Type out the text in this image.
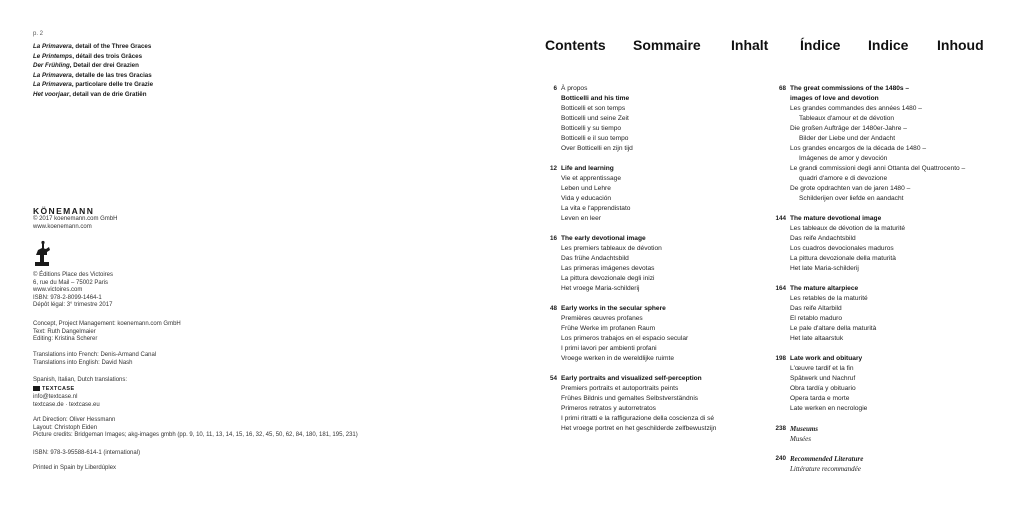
p. 2
La Primavera, detail of the Three Graces
Le Printemps, détail des trois Grâces
Der Frühling, Detail der drei Grazien
La Primavera, detalle de las tres Gracias
La Primavera, particolare delle tre Grazie
Het voorjaar, detail van de drie Gratiën
KÖNEMANN
© 2017 koenemann.com GmbH
www.koenemann.com
© Éditions Place des Victoires
6, rue du Mail – 75002 Paris
www.victoires.com
ISBN: 978-2-8099-1464-1
Dépôt légal: 3° trimestre 2017
Concept, Project Management: koenemann.com GmbH
Text: Ruth Dangelmaier
Editing: Kristina Scherer
Translations into French: Denis-Armand Canal
Translations into English: David Nash
Spanish, Italian, Dutch translations:
TEXTCASE
info@textcase.nl
textcase.de · textcase.eu
Art Direction: Oliver Hessmann
Layout: Christoph Eiden
Picture credits: Bridgeman Images; akg-images gmbh (pp. 9, 10, 11, 13, 14, 15, 16, 32, 45, 50, 62, 84, 180, 181, 195, 231)
ISBN: 978-3-95588-614-1 (international)
Printed in Spain by Liberdúplex
Contents Sommaire Inhalt Índice Indice Inhoud
6 À propos
Botticelli and his time
Botticelli et son temps
Botticelli und seine Zeit
Botticelli y su tiempo
Botticelli e il suo tempo
Over Botticelli en zijn tijd
12 Life and learning
Vie et apprentissage
Leben und Lehre
Vida y educación
La vita e l'apprendistato
Leven en leer
16 The early devotional image
Les premiers tableaux de dévotion
Das frühe Andachtsbild
Las primeras imágenes devotas
La pittura devozionale degli inizi
Het vroege Maria-schilderij
48 Early works in the secular sphere
Premières œuvres profanes
Frühe Werke im profanen Raum
Los primeros trabajos en el espacio secular
I primi lavori per ambienti profani
Vroege werken in de wereldlijke ruimte
54 Early portraits and visualized self-perception
Premiers portraits et autoportraits peints
Frühes Bildnis und gemaltes Selbstverständnis
Primeros retratos y autorretratos
I primi ritratti e la raffigurazione della coscienza di sé
Het vroege portret en het geschilderde zelfbewustzijn
68 The great commissions of the 1480s –
images of love and devotion
Les grandes commandes des années 1480 –
Tableaux d'amour et de dévotion
Die großen Aufträge der 1480er-Jahre –
Bilder der Liebe und der Andacht
Los grandes encargos de la década de 1480 –
Imágenes de amor y devoción
Le grandi commissioni degli anni Ottanta del Quattrocento –
quadri d'amore e di devozione
De grote opdrachten van de jaren 1480 –
Schilderijen over liefde en aandacht
144 The mature devotional image
Les tableaux de dévotion de la maturité
Das reife Andachtsbild
Los cuadros devocionales maduros
La pittura devozionale della maturità
Het late Maria-schilderij
164 The mature altarpiece
Les retables de la maturité
Das reife Altarbild
El retablo maduro
Le pale d'altare della maturità
Het late altaarstuk
198 Late work and obituary
L'œuvre tardif et la fin
Spätwerk und Nachruf
Obra tardía y obituario
Opera tarda e morte
Late werken en necrologie
238 Museums
Musées
240 Recommended Literature
Littérature recommandée
